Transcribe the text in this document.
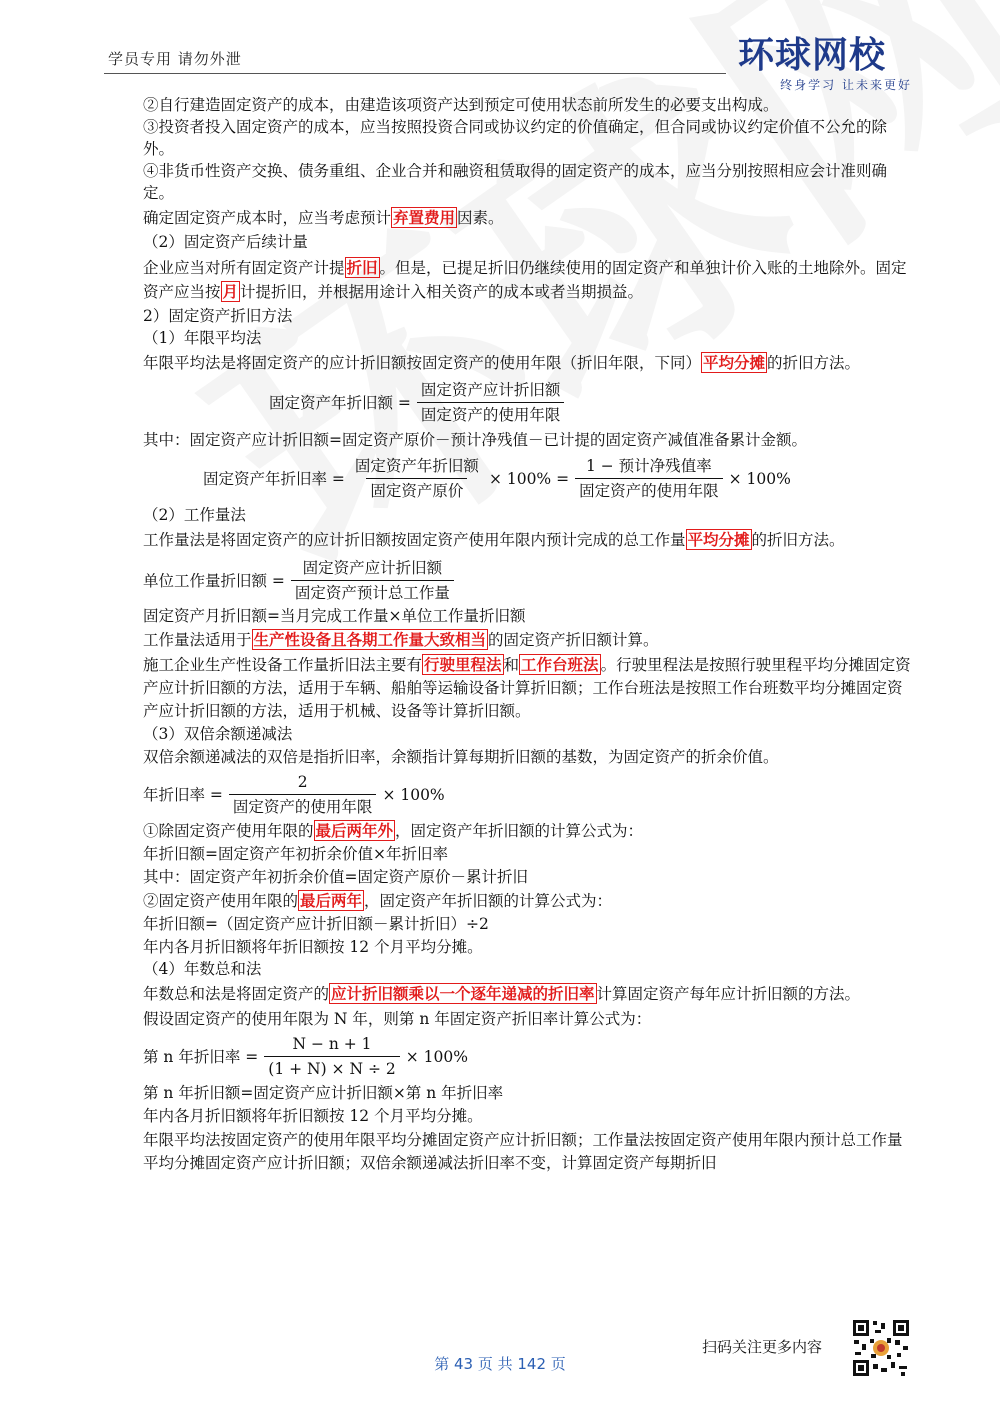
学员专用 请勿外泄	环球网校
终身学习 让未来更好

②自行建造固定资产的成本，由建造该项资产达到预定可使用状态前所发生的必要支出构成。

③投资者投入固定资产的成本，应当按照投资合同或协议约定的价值确定，但合同或协议约定价值不公允的除外。

④非货币性资产交换、债务重组、企业合并和融资租赁取得的固定资产的成本，应当分别按照相应会计准则确定。

确定固定资产成本时，应当考虑预计 弃置费用 因素。

（2）固定资产后续计量

企业应当对所有固定资产计提 折旧 。但是，已提足折旧仍继续使用的固定资产和单独计价入账的土地除外。固定资产应当按 月 计提折旧，并根据用途计入相关资产的成本或者当期损益。

2）固定资产折旧方法

（1）年限平均法

年限平均法是将固定资产的应计折旧额按固定资产的使用年限（折旧年限，下同） 平均分摊 的折旧方法。

固定资产年折旧额 = $\frac{\text{固定资产应计折旧额}}{\text{固定资产的使用年限}}$

其中：固定资产应计折旧额=固定资产原价－预计净残值－已计提的固定资产减值准备累计金额。

固定资产年折旧率 = $\frac{\text{固定资产年折旧额}}{\text{固定资产原价}} \times 100\% = \frac{\text{1 − 预计净残值率}}{\text{固定资产的使用年限}} \times 100\%$

（2）工作量法

工作量法是将固定资产的应计折旧额按固定资产使用年限内预计完成的总工作量 平均分摊 的折旧方法。

单位工作量折旧额 = $\frac{\text{固定资产应计折旧额}}{\text{固定资产预计总工作量}}$

固定资产月折旧额=当月完成工作量×单位工作量折旧额

工作量法适用于 生产性设备且各期工作量大致相当 的固定资产折旧额计算。

施工企业生产性设备工作量折旧法主要有 行驶里程法 和 工作台班法 。行驶里程法是按照行驶里程平均分摊固定资产应计折旧额的方法，适用于车辆、船舶等运输设备计算折旧额；工作台班法是按照工作台班数平均分摊固定资产应计折旧额的方法，适用于机械、设备等计算折旧额。

（3）双倍余额递减法

双倍余额递减法的双倍是指折旧率，余额指计算每期折旧额的基数，为固定资产的折余价值。

年折旧率 = $\frac{2}{\text{固定资产的使用年限}} \times 100\%$

①除固定资产使用年限的 最后两年外 ，固定资产年折旧额的计算公式为：

年折旧额=固定资产年初折余价值×年折旧率

其中：固定资产年初折余价值=固定资产原价－累计折旧

②固定资产使用年限的 最后两年 ，固定资产年折旧额的计算公式为：

年折旧额=（固定资产应计折旧额－累计折旧）÷2

年内各月折旧额将年折旧额按 12 个月平均分摊。

（4）年数总和法

年数总和法是将固定资产的 应计折旧额乘以一个逐年递减的折旧率 计算固定资产每年应计折旧额的方法。

假设固定资产的使用年限为 N 年，则第 n 年固定资产折旧率计算公式为：

第 n 年折旧率 = $\frac{N - n + 1}{(1 + N) \times N \div 2} \times 100\%$

第 n 年折旧额=固定资产应计折旧额×第 n 年折旧率

年内各月折旧额将年折旧额按 12 个月平均分摊。

年限平均法按固定资产的使用年限平均分摊固定资产应计折旧额；工作量法按固定资产使用年限内预计总工作量平均分摊固定资产应计折旧额；双倍余额递减法折旧率不变，计算固定资产每期折旧

扫码关注更多内容
第 43 页 共 142 页
